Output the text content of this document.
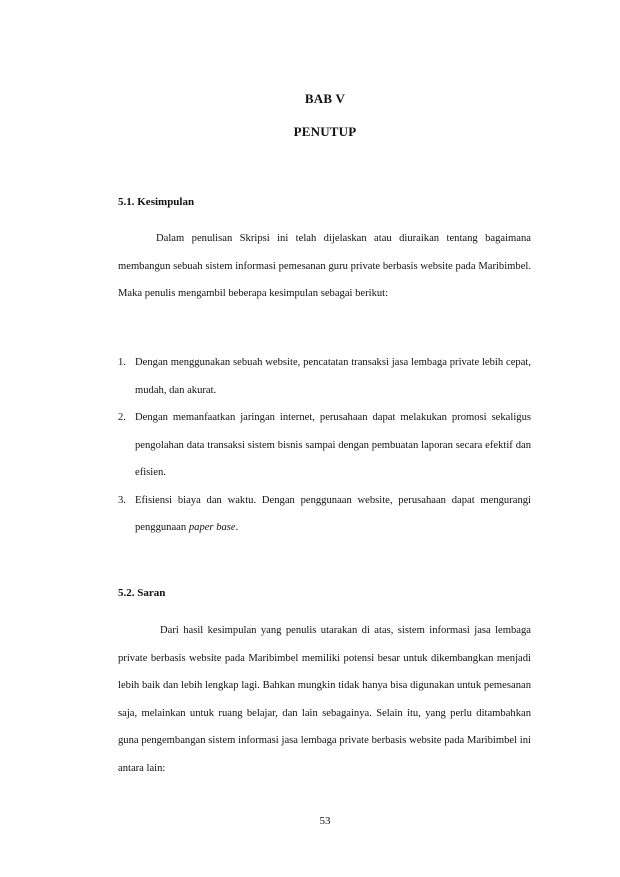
BAB V
PENUTUP
5.1. Kesimpulan

Dalam penulisan Skripsi ini telah dijelaskan atau diuraikan tentang bagaimana membangun sebuah sistem informasi pemesanan guru private berbasis website pada Maribimbel. Maka penulis mengambil beberapa kesimpulan sebagai berikut:

1. Dengan menggunakan sebuah website, pencatatan transaksi jasa lembaga private lebih cepat, mudah, dan akurat.
2. Dengan memanfaatkan jaringan internet, perusahaan dapat melakukan promosi sekaligus pengolahan data transaksi sistem bisnis sampai dengan pembuatan laporan secara efektif dan efisien.
3. Efisiensi biaya dan waktu. Dengan penggunaan website, perusahaan dapat mengurangi penggunaan paper base.
5.2. Saran

Dari hasil kesimpulan yang penulis utarakan di atas, sistem informasi jasa lembaga private berbasis website pada Maribimbel memiliki potensi besar untuk dikembangkan menjadi lebih baik dan lebih lengkap lagi. Bahkan mungkin tidak hanya bisa digunakan untuk pemesanan saja, melainkan untuk ruang belajar, dan lain sebagainya. Selain itu, yang perlu ditambahkan guna pengembangan sistem informasi jasa lembaga private berbasis website pada Maribimbel ini antara lain:

53
